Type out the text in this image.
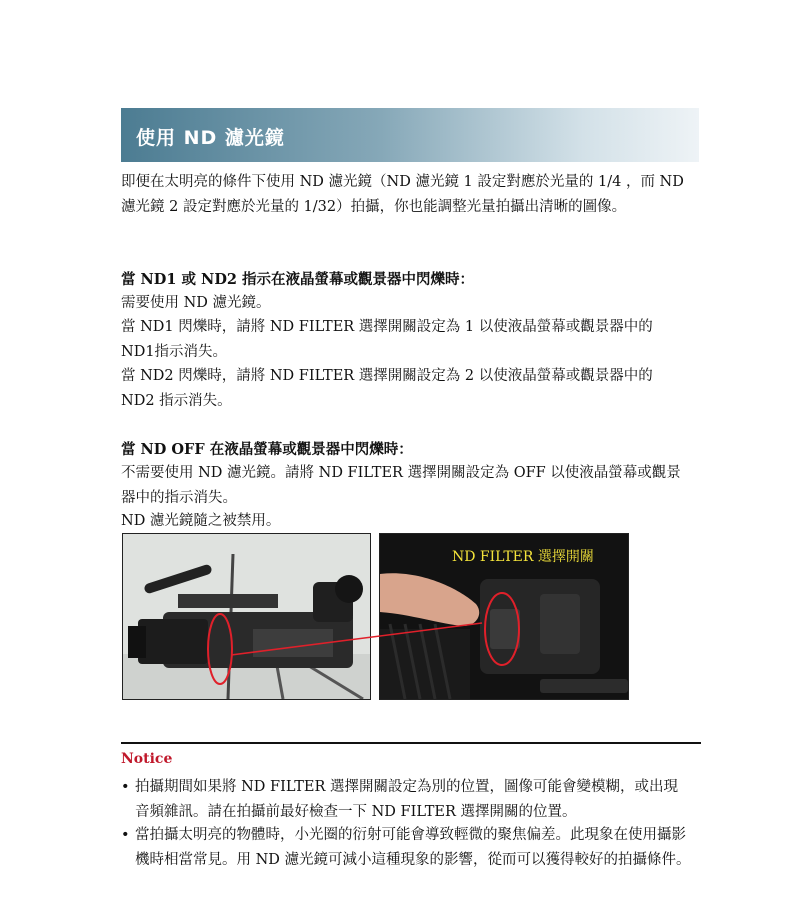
使用 ND 濾光鏡

即便在太明亮的條件下使用 ND 濾光鏡（ND 濾光鏡 1 設定對應於光量的 1/4 ，而 ND 濾光鏡 2 設定對應於光量的 1/32）拍攝，你也能調整光量拍攝出清晰的圖像。

當 ND1 或 ND2 指示在液晶螢幕或觀景器中閃爍時：

需要使用 ND 濾光鏡。

當 ND1 閃爍時，請將 ND FILTER 選擇開關設定為 1 以使液晶螢幕或觀景器中的 ND1指示消失。

當 ND2 閃爍時，請將 ND FILTER 選擇開關設定為 2 以使液晶螢幕或觀景器中的 ND2 指示消失。

當 ND OFF 在液晶螢幕或觀景器中閃爍時：

不需要使用 ND 濾光鏡。請將 ND FILTER 選擇開關設定為 OFF 以使液晶螢幕或觀景器中的指示消失。

ND 濾光鏡隨之被禁用。

ND FILTER 選擇開關
Notice
• 拍攝期間如果將 ND FILTER 選擇開關設定為別的位置，圖像可能會變模糊，或出現音頻雜訊。請在拍攝前最好檢查一下 ND FILTER 選擇開關的位置。
• 當拍攝太明亮的物體時，小光圈的衍射可能會導致輕微的聚焦偏差。此現象在使用攝影機時相當常見。用 ND 濾光鏡可減小這種現象的影響，從而可以獲得較好的拍攝條件。
